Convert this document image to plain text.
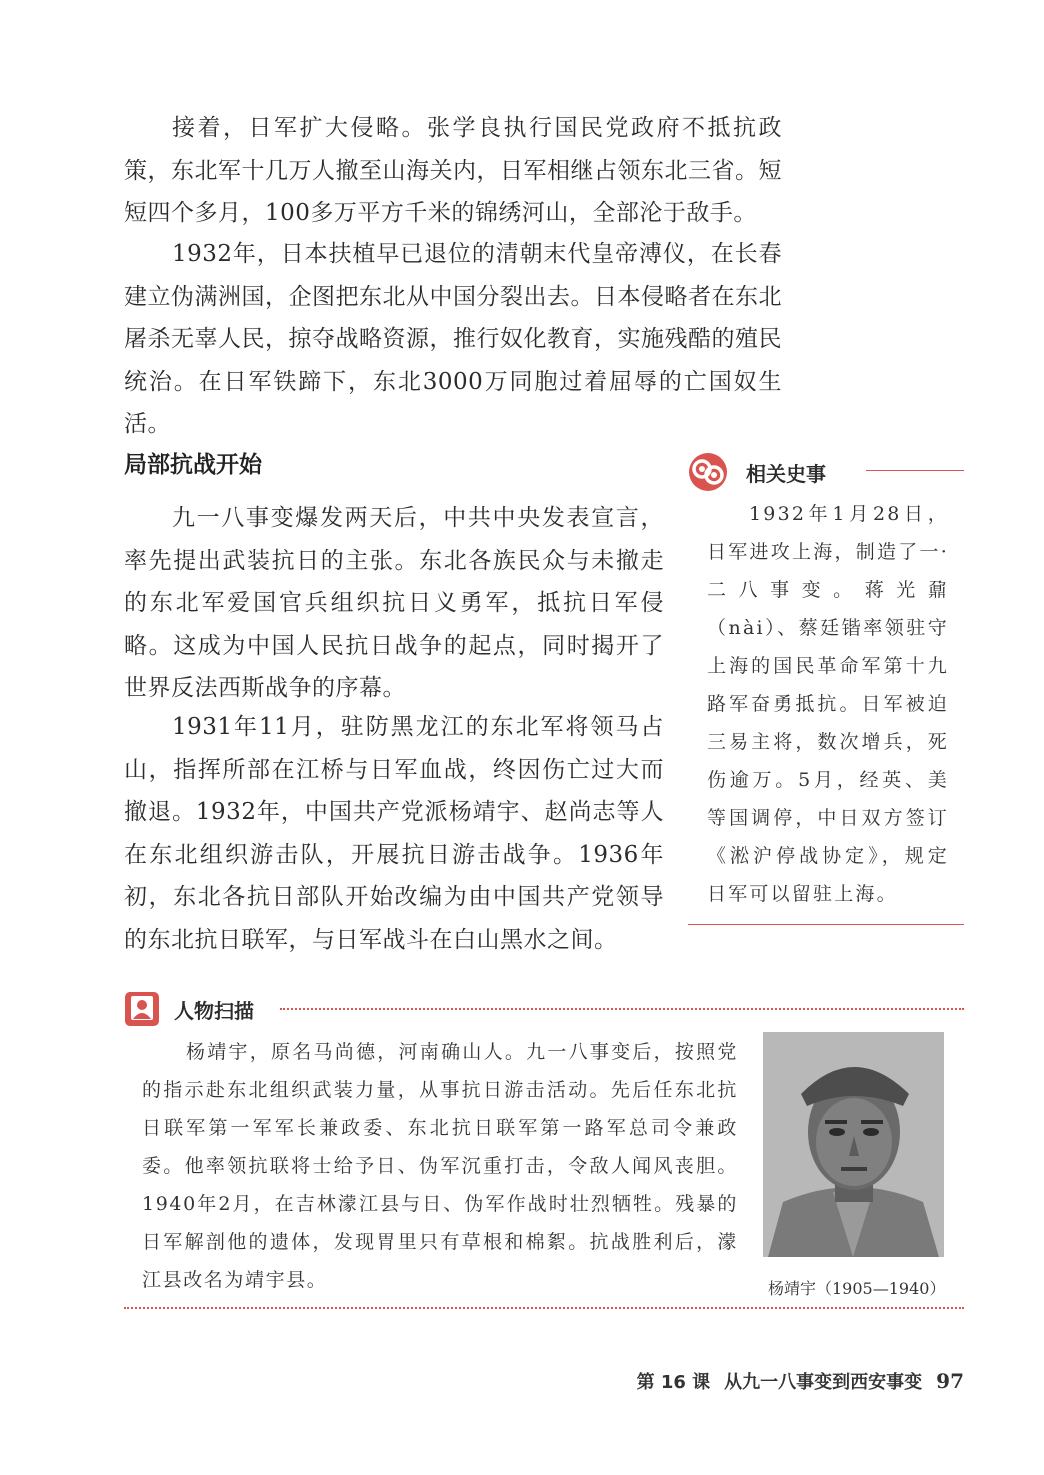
接着，日军扩大侵略。张学良执行国民党政府不抵抗政策，东北军十几万人撤至山海关内，日军相继占领东北三省。短短四个多月，100多万平方千米的锦绣河山，全部沦于敌手。

1932年，日本扶植早已退位的清朝末代皇帝溥仪，在长春建立伪满洲国，企图把东北从中国分裂出去。日本侵略者在东北屠杀无辜人民，掠夺战略资源，推行奴化教育，实施残酷的殖民统治。在日军铁蹄下，东北3000万同胞过着屈辱的亡国奴生活。

局部抗战开始

九一八事变爆发两天后，中共中央发表宣言，率先提出武装抗日的主张。东北各族民众与未撤走的东北军爱国官兵组织抗日义勇军，抵抗日军侵略。这成为中国人民抗日战争的起点，同时揭开了世界反法西斯战争的序幕。

1931年11月，驻防黑龙江的东北军将领马占山，指挥所部在江桥与日军血战，终因伤亡过大而撤退。1932年，中国共产党派杨靖宇、赵尚志等人在东北组织游击队，开展抗日游击战争。1936年初，东北各抗日部队开始改编为由中国共产党领导的东北抗日联军，与日军战斗在白山黑水之间。

相关史事

1932年1月28日，日军进攻上海，制造了一·二八事变。蒋光鼐（nài）、蔡廷锴率领驻守上海的国民革命军第十九路军奋勇抵抗。日军被迫三易主将，数次增兵，死伤逾万。5月，经英、美等国调停，中日双方签订《淞沪停战协定》，规定日军可以留驻上海。

人物扫描

杨靖宇，原名马尚德，河南确山人。九一八事变后，按照党的指示赴东北组织武装力量，从事抗日游击活动。先后任东北抗日联军第一军军长兼政委、东北抗日联军第一路军总司令兼政委。他率领抗联将士给予日、伪军沉重打击，令敌人闻风丧胆。1940年2月，在吉林濛江县与日、伪军作战时壮烈牺牲。残暴的日军解剖他的遗体，发现胃里只有草根和棉絮。抗战胜利后，濛江县改名为靖宇县。	杨靖宇（1905—1940）
第 16 课 从九一八事变到西安事变 97
